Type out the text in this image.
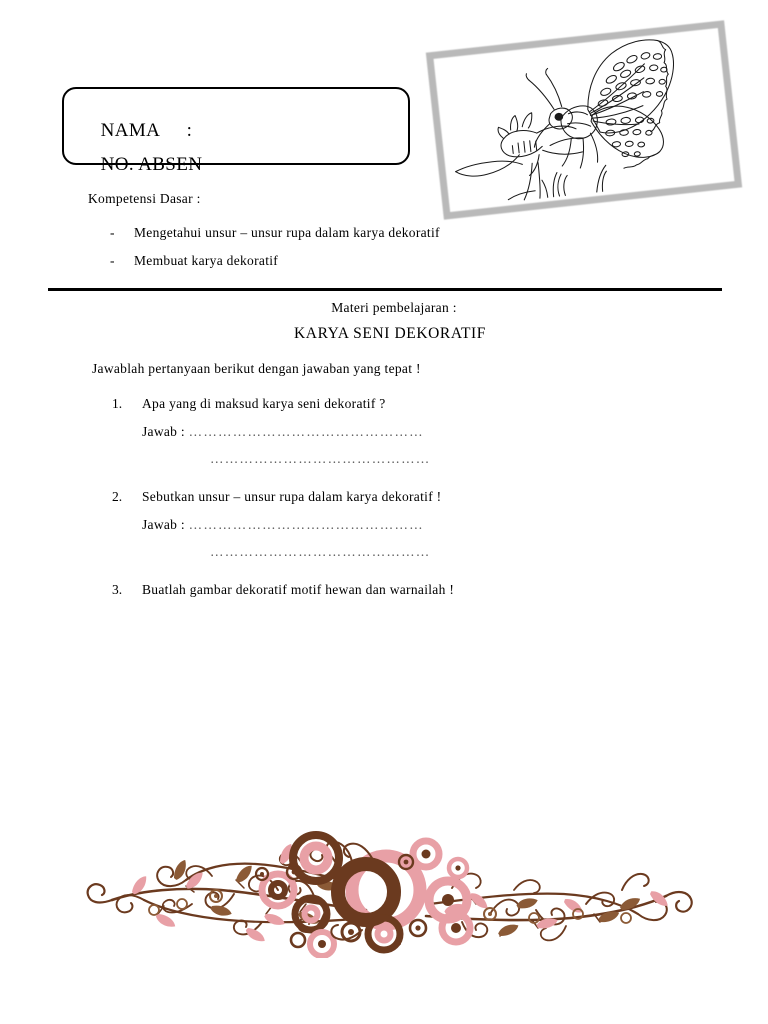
NAMA :

NO. ABSEN

Kompetensi Dasar :
- Mengetahui unsur – unsur rupa dalam karya dekoratif
- Membuat karya dekoratif
Materi pembelajaran :
KARYA SENI DEKORATIF
Jawablah pertanyaan berikut dengan jawaban yang tepat !
1.	Apa yang di maksud karya seni dekoratif ?
Jawab : …………………………………………
………………………………………
2.	Sebutkan unsur – unsur rupa dalam karya dekoratif !
Jawab : …………………………………………
………………………………………
3.	Buatlah gambar dekoratif motif hewan dan warnailah !
